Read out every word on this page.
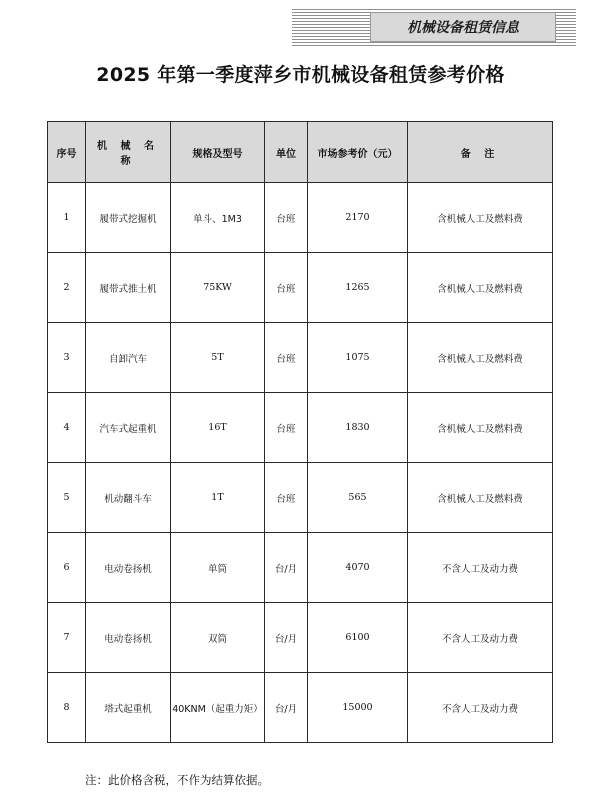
机械设备租赁信息
2025 年第一季度萍乡市机械设备租赁参考价格
序号	机 械 名 称	规格及型号	单位	市场参考价（元）	备 注
1	履带式挖掘机	单斗、1M3	台班	2170	含机械人工及燃料费
2	履带式推土机	75KW	台班	1265	含机械人工及燃料费
3	自卸汽车	5T	台班	1075	含机械人工及燃料费
4	汽车式起重机	16T	台班	1830	含机械人工及燃料费
5	机动翻斗车	1T	台班	565	含机械人工及燃料费
6	电动卷扬机	单筒	台/月	4070	不含人工及动力费
7	电动卷扬机	双筒	台/月	6100	不含人工及动力费
8	塔式起重机	40KNM（起重力矩）	台/月	15000	不含人工及动力费
注：此价格含税，不作为结算依据。
